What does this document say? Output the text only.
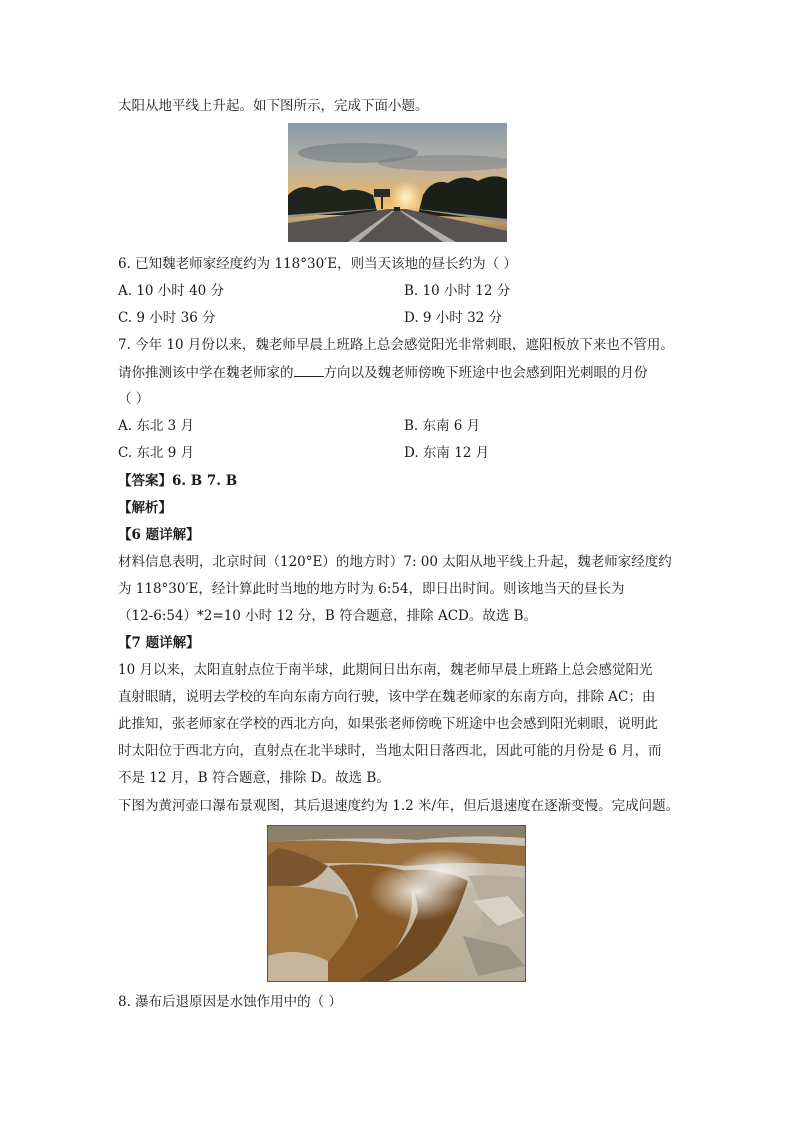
太阳从地平线上升起。如下图所示，完成下面小题。
6. 已知魏老师家经度约为 118°30′E，则当天该地的昼长约为（ ）
A. 10 小时 40 分	B. 10 小时 12 分
C. 9 小时 36 分	D. 9 小时 32 分
7. 今年 10 月份以来，魏老师早晨上班路上总会感觉阳光非常刺眼，遮阳板放下来也不管用。
请你推测该中学在魏老师家的 方向以及魏老师傍晚下班途中也会感到阳光刺眼的月份
（ ）
A. 东北 3 月	B. 东南 6 月
C. 东北 9 月	D. 东南 12 月
【答案】6. B 7. B
【解析】
【6 题详解】
材料信息表明，北京时间（120°E）的地方时）7: 00 太阳从地平线上升起，魏老师家经度约
为 118°30′E，经计算此时当地的地方时为 6:54，即日出时间。则该地当天的昼长为
（12-6:54）*2=10 小时 12 分，B 符合题意，排除 ACD。故选 B。
【7 题详解】
10 月以来，太阳直射点位于南半球，此期间日出东南，魏老师早晨上班路上总会感觉阳光
直射眼睛，说明去学校的车向东南方向行驶，该中学在魏老师家的东南方向，排除 AC；由
此推知，张老师家在学校的西北方向，如果张老师傍晚下班途中也会感到阳光刺眼，说明此
时太阳位于西北方向，直射点在北半球时，当地太阳日落西北，因此可能的月份是 6 月，而
不是 12 月，B 符合题意，排除 D。故选 B。
下图为黄河壶口瀑布景观图，其后退速度约为 1.2 米/年，但后退速度在逐渐变慢。完成问题。
8. 瀑布后退原因是水蚀作用中的（ ）
